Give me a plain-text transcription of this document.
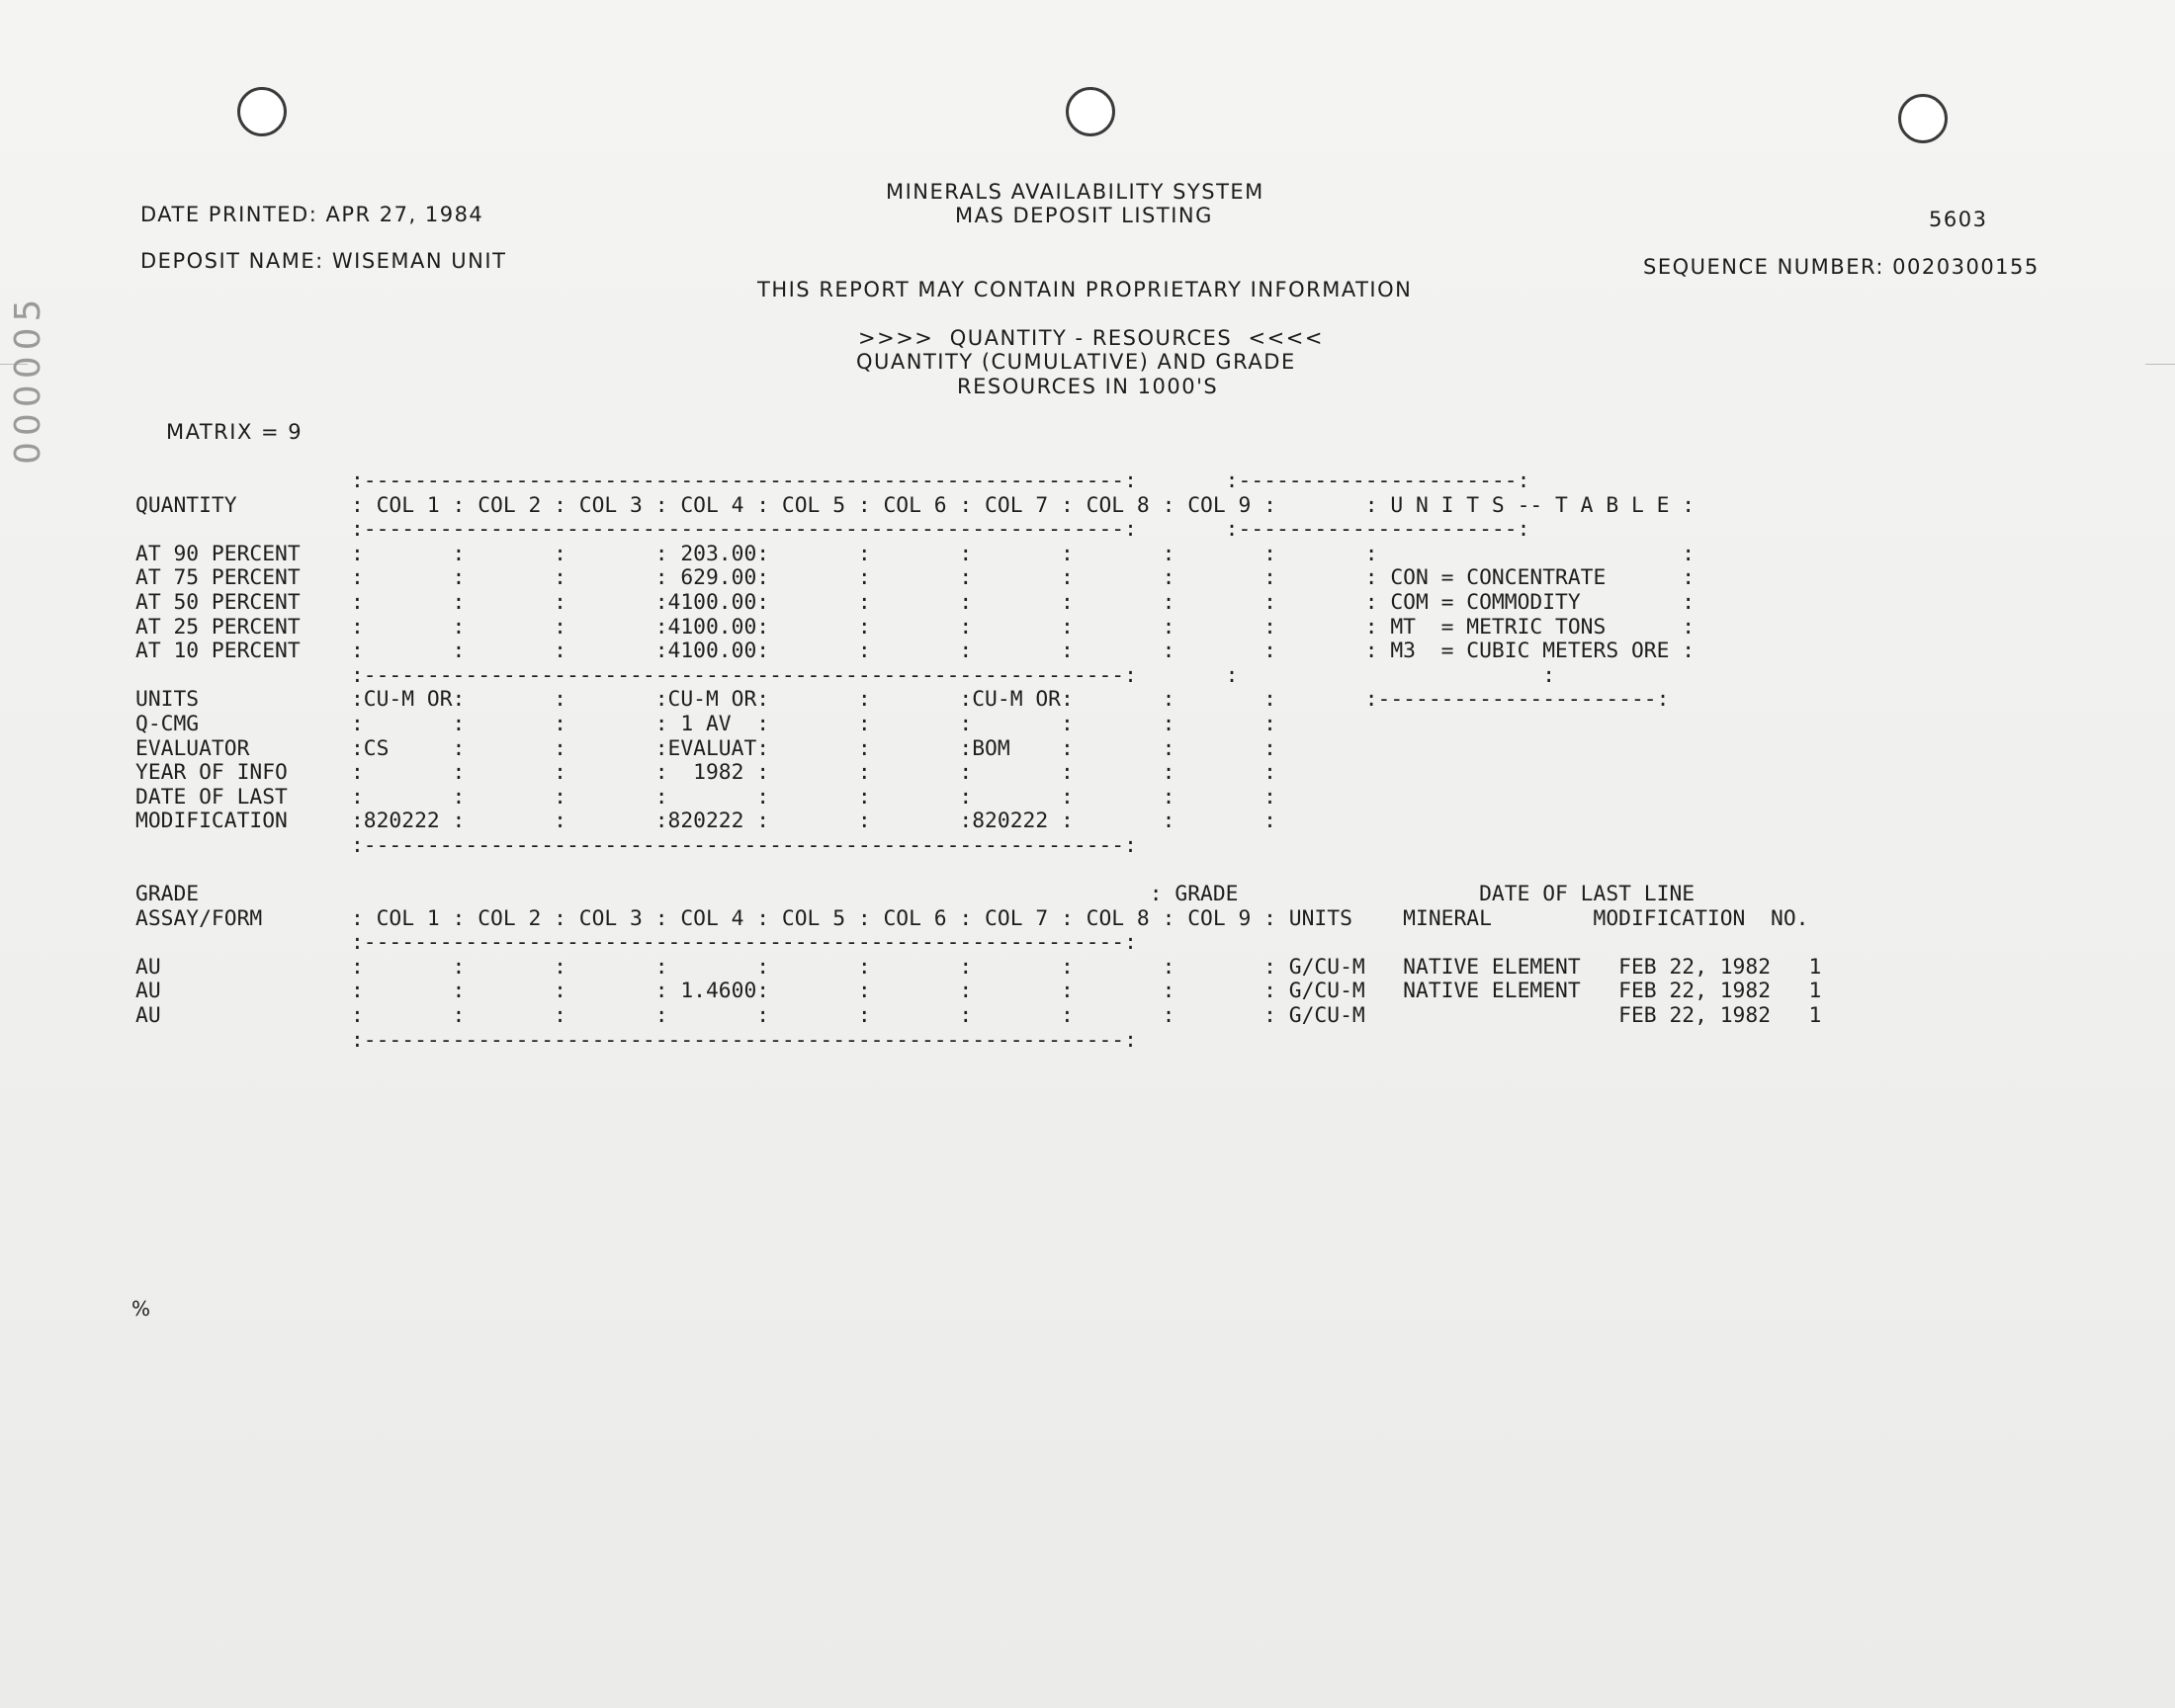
000005
DATE PRINTED: APR 27, 1984
MINERALS AVAILABILITY SYSTEM
MAS DEPOSIT LISTING	5603
DEPOSIT NAME: WISEMAN UNIT	SEQUENCE NUMBER: 0020300155
THIS REPORT MAY CONTAIN PROPRIETARY INFORMATION
>>>>  QUANTITY - RESOURCES  <<<<
QUANTITY (CUMULATIVE) AND GRADE
RESOURCES IN 1000'S
MATRIX = 9
:------------------------------------------------------------:       :----------------------:
QUANTITY         : COL 1 : COL 2 : COL 3 : COL 4 : COL 5 : COL 6 : COL 7 : COL 8 : COL 9 :       : U N I T S -- T A B L E :
:------------------------------------------------------------:       :----------------------:
AT 90 PERCENT    :       :       :       : 203.00:       :       :       :       :       :       :                        :
AT 75 PERCENT    :       :       :       : 629.00:       :       :       :       :       :       : CON = CONCENTRATE      :
AT 50 PERCENT    :       :       :       :4100.00:       :       :       :       :       :       : COM = COMMODITY        :
AT 25 PERCENT    :       :       :       :4100.00:       :       :       :       :       :       : MT  = METRIC TONS      :
AT 10 PERCENT    :       :       :       :4100.00:       :       :       :       :       :       : M3  = CUBIC METERS ORE :
:------------------------------------------------------------:       :                        :
UNITS            :CU-M OR:       :       :CU-M OR:       :       :CU-M OR:       :       :       :----------------------:
Q-CMG            :       :       :       : 1 AV  :       :       :       :       :       :
EVALUATOR        :CS     :       :       :EVALUAT:       :       :BOM    :       :       :
YEAR OF INFO     :       :       :       :  1982 :       :       :       :       :       :
DATE OF LAST     :       :       :       :       :       :       :       :       :       :
MODIFICATION     :820222 :       :       :820222 :       :       :820222 :       :       :
:------------------------------------------------------------:
GRADE                                                                           : GRADE                   DATE OF LAST LINE
ASSAY/FORM       : COL 1 : COL 2 : COL 3 : COL 4 : COL 5 : COL 6 : COL 7 : COL 8 : COL 9 : UNITS    MINERAL        MODIFICATION  NO.
:------------------------------------------------------------:
AU               :       :       :       :       :       :       :       :       :       : G/CU-M   NATIVE ELEMENT   FEB 22, 1982   1
AU               :       :       :       : 1.4600:       :       :       :       :       : G/CU-M   NATIVE ELEMENT   FEB 22, 1982   1
AU               :       :       :       :       :       :       :       :       :       : G/CU-M                    FEB 22, 1982   1
:------------------------------------------------------------:
%
